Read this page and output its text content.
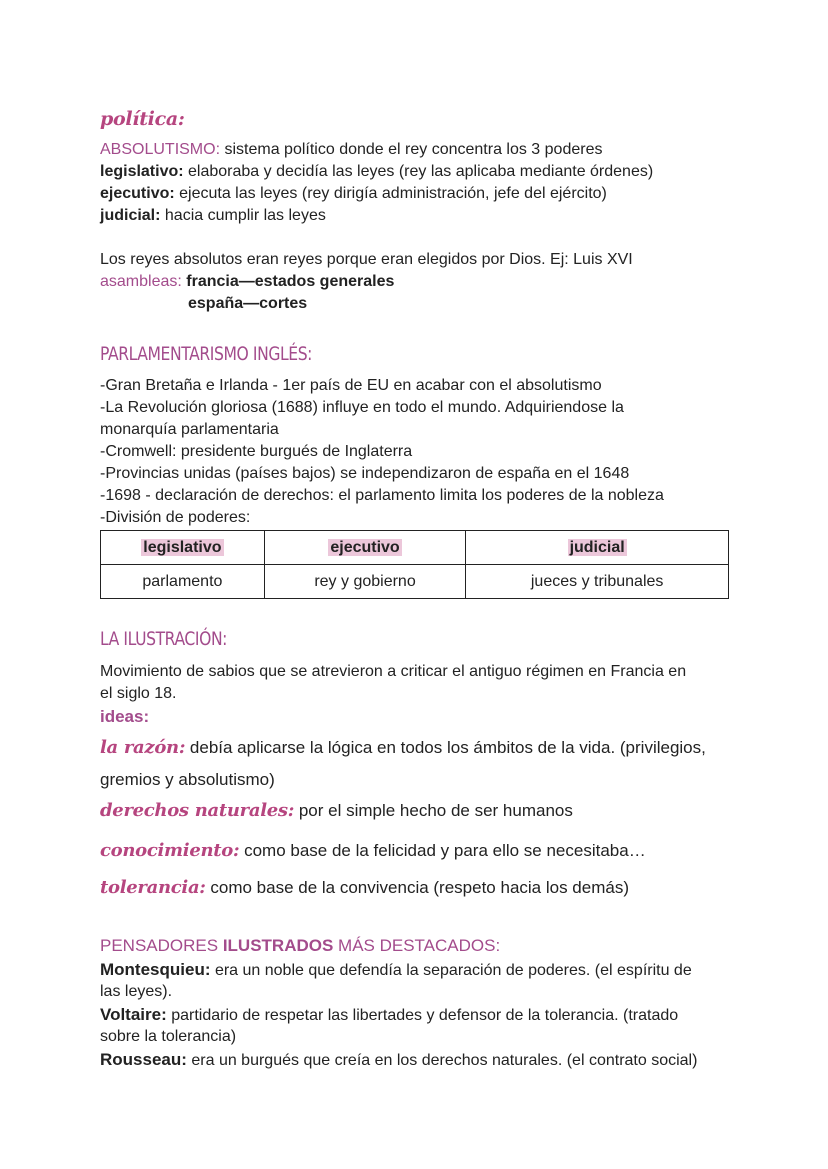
política:
ABSOLUTISMO: sistema político donde el rey concentra los 3 poderes
legislativo: elaboraba y decidía las leyes (rey las aplicaba mediante órdenes)
ejecutivo: ejecuta las leyes (rey dirigía administración, jefe del ejército)
judicial: hacia cumplir las leyes
Los reyes absolutos eran reyes porque eran elegidos por Dios. Ej: Luis XVI
asambleas: francia—estados generales
españa—cortes
PARLAMENTARISMO INGLÉS:
-Gran Bretaña e Irlanda - 1er país de EU en acabar con el absolutismo
-La Revolución gloriosa (1688) influye en todo el mundo. Adquiriendose la
monarquía parlamentaria
-Cromwell: presidente burgués de Inglaterra
-Provincias unidas (países bajos) se independizaron de españa en el 1648
-1698 - declaración de derechos: el parlamento limita los poderes de la nobleza
-División de poderes:
legislativo	ejecutivo	judicial
parlamento	rey y gobierno	jueces y tribunales
LA ILUSTRACIÓN:
Movimiento de sabios que se atrevieron a criticar el antiguo régimen en Francia en
el siglo 18.
ideas:
la razón: debía aplicarse la lógica en todos los ámbitos de la vida. (privilegios,
gremios y absolutismo)
derechos naturales: por el simple hecho de ser humanos
conocimiento: como base de la felicidad y para ello se necesitaba…
tolerancia: como base de la convivencia (respeto hacia los demás)
PENSADORES ILUSTRADOS MÁS DESTACADOS:
Montesquieu: era un noble que defendía la separación de poderes. (el espíritu de
las leyes).
Voltaire: partidario de respetar las libertades y defensor de la tolerancia. (tratado
sobre la tolerancia)
Rousseau: era un burgués que creía en los derechos naturales. (el contrato social)
